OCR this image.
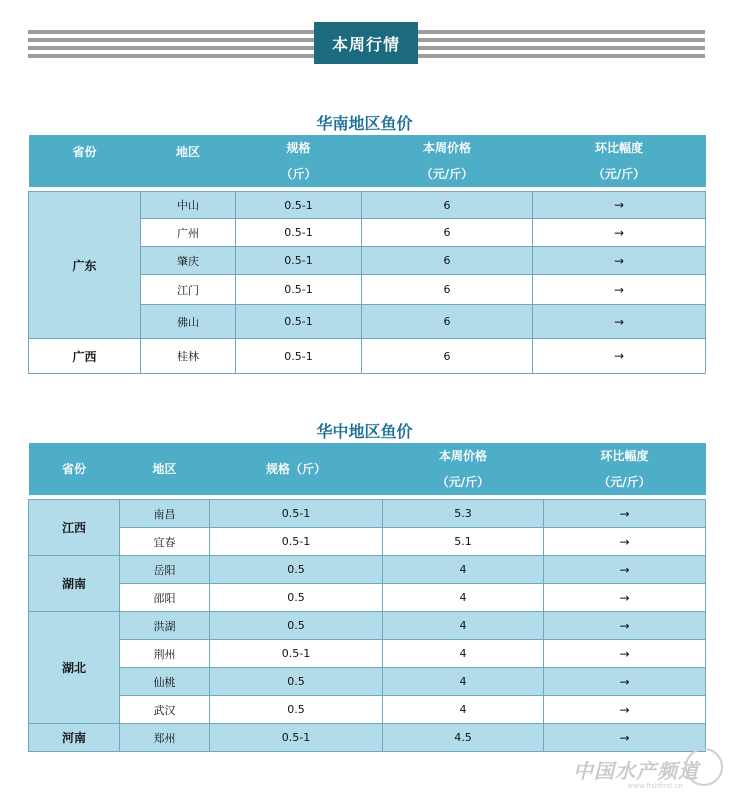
本周行情
华南地区鱼价
省份	地区	规格	本周价格	环比幅度
		（斤）	（元/斤）	（元/斤）

广东	中山	0.5-1	6	→
	广州	0.5-1	6	→
	肇庆	0.5-1	6	→
	江门	0.5-1	6	→
	佛山	0.5-1	6	→
广西	桂林	0.5-1	6	→
华中地区鱼价
省份	地区	规格（斤）	本周价格	环比幅度
			（元/斤）	（元/斤）

江西	南昌	0.5-1	5.3	→
	宜春	0.5-1	5.1	→
湖南	岳阳	0.5	4	→
	邵阳	0.5	4	→
湖北	洪湖	0.5	4	→
	荆州	0.5-1	4	→
	仙桃	0.5	4	→
	武汉	0.5	4	→
河南	郑州	0.5-1	4.5	→
中国水产频道
www.fishfirst.cn
